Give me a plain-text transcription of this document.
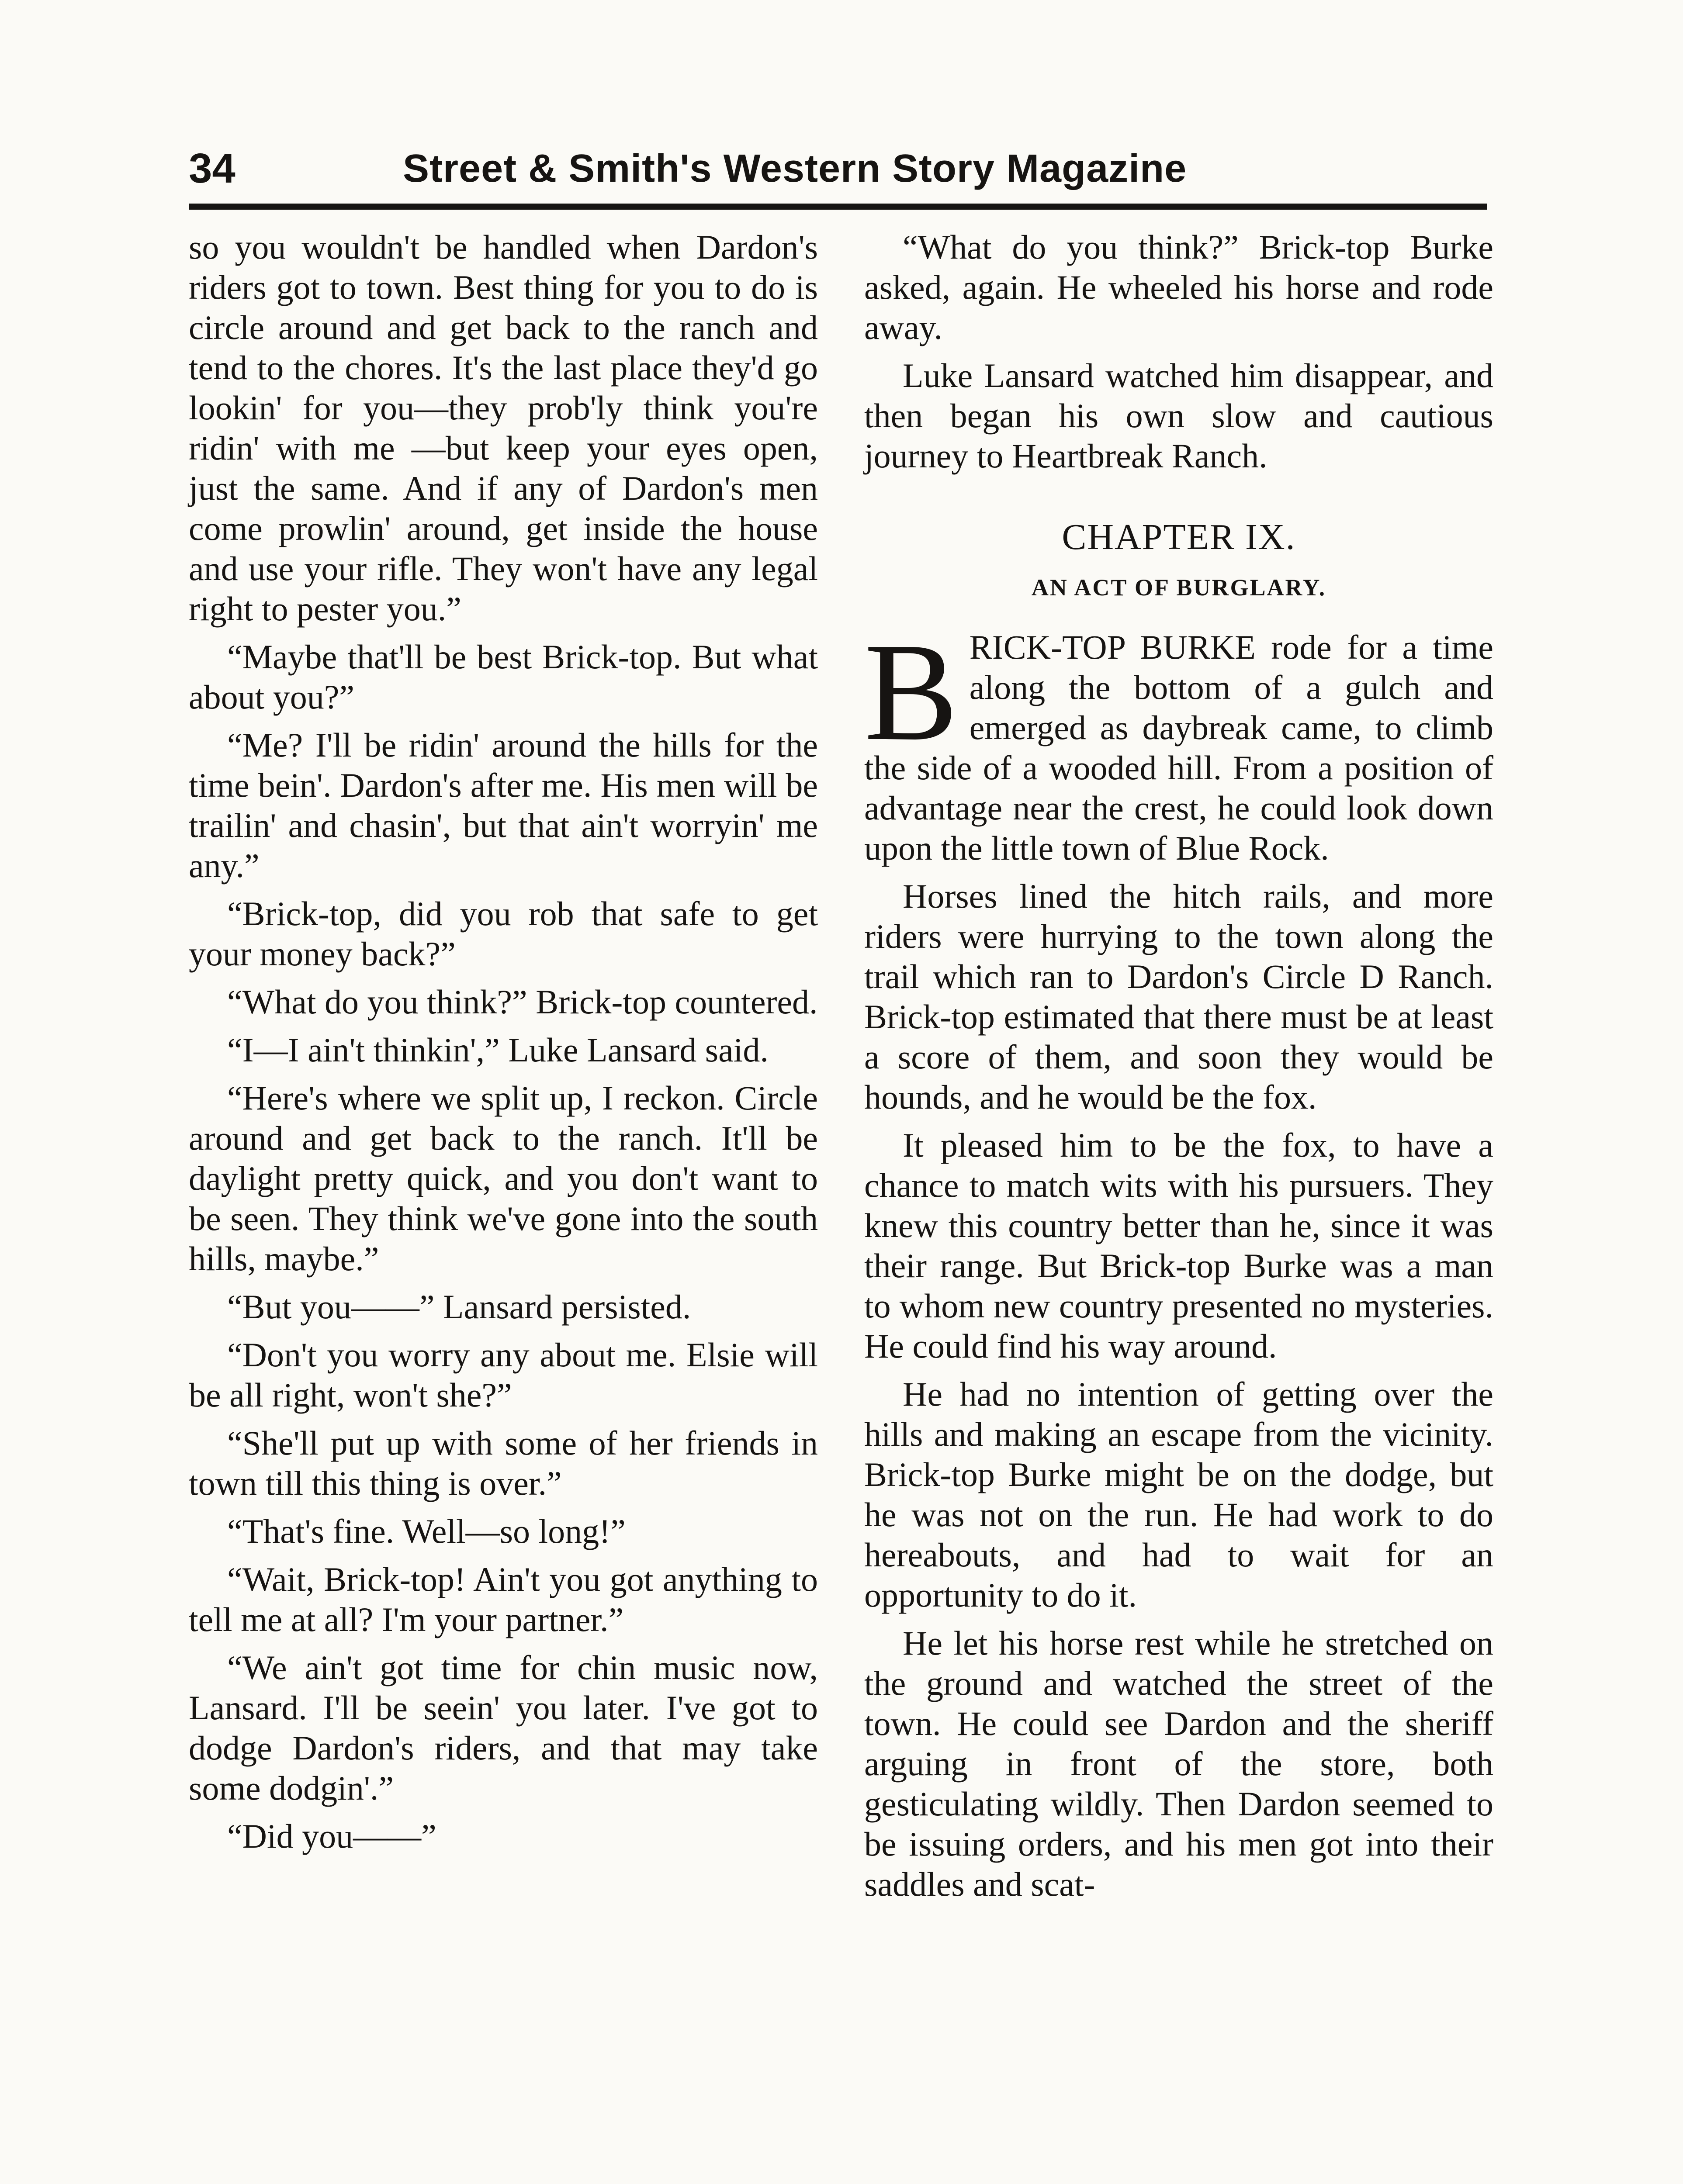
34	Street & Smith's Western Story Magazine

so you wouldn't be handled when Dardon's riders got to town. Best thing for you to do is circle around and get back to the ranch and tend to the chores. It's the last place they'd go lookin' for you—they prob'ly think you're ridin' with me —but keep your eyes open, just the same. And if any of Dardon's men come prowlin' around, get inside the house and use your rifle. They won't have any legal right to pester you.”

“Maybe that'll be best Brick-top. But what about you?”

“Me? I'll be ridin' around the hills for the time bein'. Dardon's after me. His men will be trailin' and chasin', but that ain't worryin' me any.”

“Brick-top, did you rob that safe to get your money back?”

“What do you think?” Brick-top countered.

“I—I ain't thinkin',” Luke Lansard said.

“Here's where we split up, I reckon. Circle around and get back to the ranch. It'll be daylight pretty quick, and you don't want to be seen. They think we've gone into the south hills, maybe.”

“But you——” Lansard persisted.

“Don't you worry any about me. Elsie will be all right, won't she?”

“She'll put up with some of her friends in town till this thing is over.”

“That's fine. Well—so long!”

“Wait, Brick-top! Ain't you got anything to tell me at all? I'm your partner.”

“We ain't got time for chin music now, Lansard. I'll be seein' you later. I've got to dodge Dardon's riders, and that may take some dodgin'.”

“Did you——”

“What do you think?” Brick-top Burke asked, again. He wheeled his horse and rode away.

Luke Lansard watched him disappear, and then began his own slow and cautious journey to Heartbreak Ranch.

CHAPTER IX.
AN ACT OF BURGLARY.

BRICK-TOP BURKE rode for a time along the bottom of a gulch and emerged as daybreak came, to climb the side of a wooded hill. From a position of advantage near the crest, he could look down upon the little town of Blue Rock.

Horses lined the hitch rails, and more riders were hurrying to the town along the trail which ran to Dardon's Circle D Ranch. Brick-top estimated that there must be at least a score of them, and soon they would be hounds, and he would be the fox.

It pleased him to be the fox, to have a chance to match wits with his pursuers. They knew this country better than he, since it was their range. But Brick-top Burke was a man to whom new country presented no mysteries. He could find his way around.

He had no intention of getting over the hills and making an escape from the vicinity. Brick-top Burke might be on the dodge, but he was not on the run. He had work to do hereabouts, and had to wait for an opportunity to do it.

He let his horse rest while he stretched on the ground and watched the street of the town. He could see Dardon and the sheriff arguing in front of the store, both gesticulating wildly. Then Dardon seemed to be issuing orders, and his men got into their saddles and scat-
